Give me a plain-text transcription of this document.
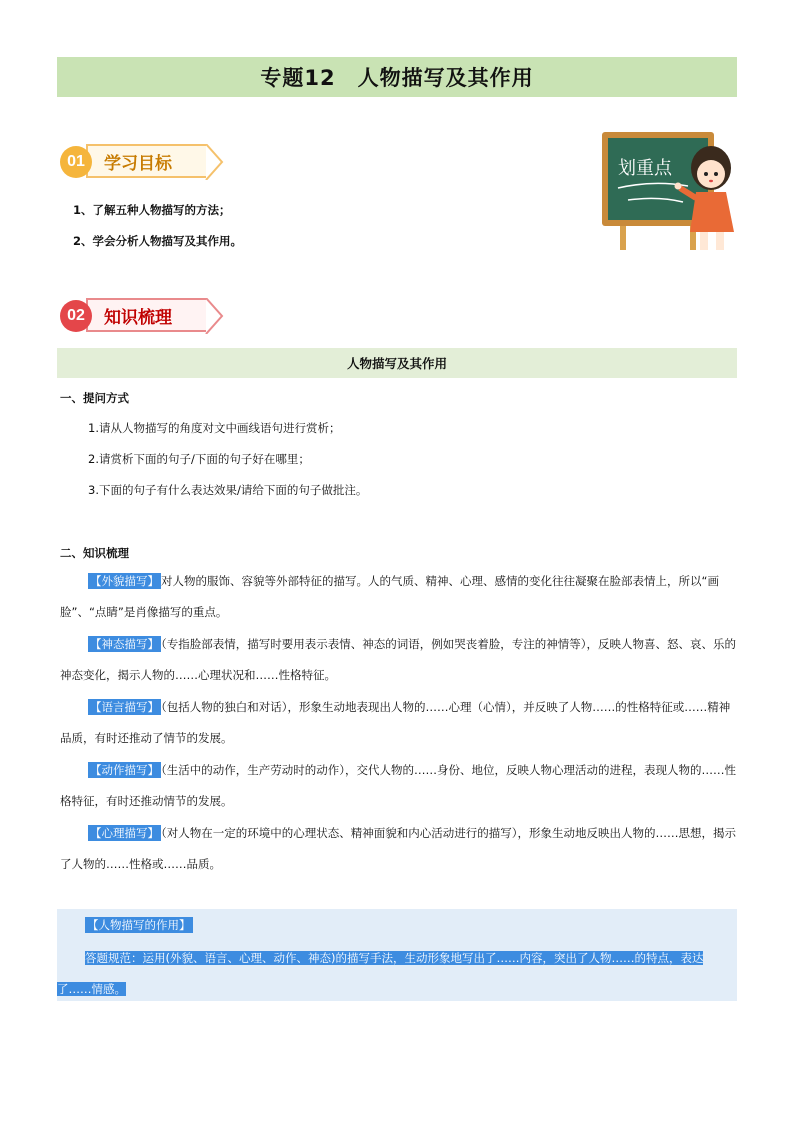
专题12　人物描写及其作用
01	学习目标
1、了解五种人物描写的方法；
2、学会分析人物描写及其作用。
划重点
02	知识梳理
人物描写及其作用
一、提问方式
1.请从人物描写的角度对文中画线语句进行赏析；
2.请赏析下面的句子/下面的句子好在哪里；
3.下面的句子有什么表达效果/请给下面的句子做批注。
二、知识梳理
【外貌描写】 对人物的服饰、容貌等外部特征的描写。人的气质、精神、心理、感情的变化往往凝聚在脸部表情上，所以“画脸”、“点睛”是肖像描写的重点。
【神态描写】 （专指脸部表情，描写时要用表示表情、神态的词语，例如哭丧着脸，专注的神情等），反映人物喜、怒、哀、乐的神态变化，揭示人物的……心理状况和……性格特征。
【语言描写】 （包括人物的独白和对话），形象生动地表现出人物的……心理（心情），并反映了人物……的性格特征或……精神品质，有时还推动了情节的发展。
【动作描写】 （生活中的动作，生产劳动时的动作），交代人物的……身份、地位，反映人物心理活动的进程，表现人物的……性格特征，有时还推动情节的发展。
【心理描写】 （对人物在一定的环境中的心理状态、精神面貌和内心活动进行的描写），形象生动地反映出人物的……思想，揭示了人物的……性格或……品质。
【人物描写的作用】
答题规范：运用(外貌、语言、心理、动作、神态)的描写手法，生动形象地写出了……内容，突出了人物……的特点，表达了……情感。
